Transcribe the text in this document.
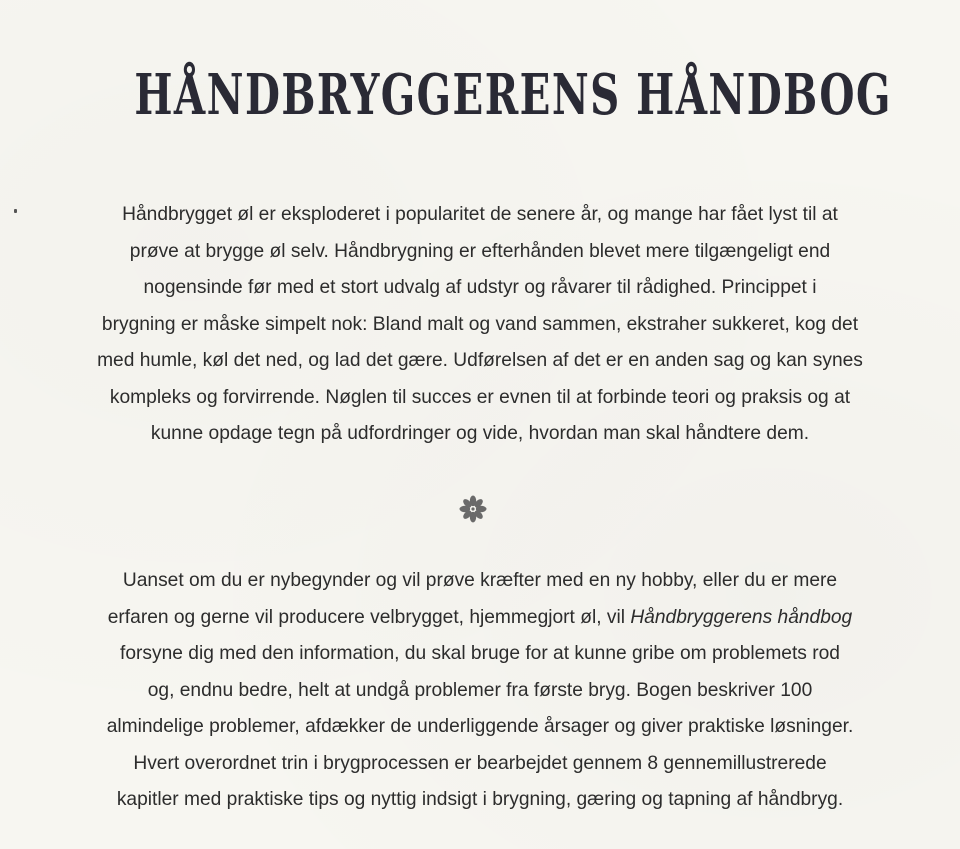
HÅNDBRYGGERENS HÅNDBOG
Håndbrygget øl er eksploderet i popularitet de senere år, og mange har fået lyst til at
prøve at brygge øl selv. Håndbrygning er efterhånden blevet mere tilgængeligt end
nogensinde før med et stort udvalg af udstyr og råvarer til rådighed. Princippet i
brygning er måske simpelt nok: Bland malt og vand sammen, ekstraher sukkeret, kog det
med humle, køl det ned, og lad det gære. Udførelsen af det er en anden sag og kan synes
kompleks og forvirrende. Nøglen til succes er evnen til at forbinde teori og praksis og at
kunne opdage tegn på udfordringer og vide, hvordan man skal håndtere dem.
Uanset om du er nybegynder og vil prøve kræfter med en ny hobby, eller du er mere
erfaren og gerne vil producere velbrygget, hjemmegjort øl, vil Håndbryggerens håndbog
forsyne dig med den information, du skal bruge for at kunne gribe om problemets rod
og, endnu bedre, helt at undgå problemer fra første bryg. Bogen beskriver 100
almindelige problemer, afdækker de underliggende årsager og giver praktiske løsninger.
Hvert overordnet trin i brygprocessen er bearbejdet gennem 8 gennemillustrerede
kapitler med praktiske tips og nyttig indsigt i brygning, gæring og tapning af håndbryg.
